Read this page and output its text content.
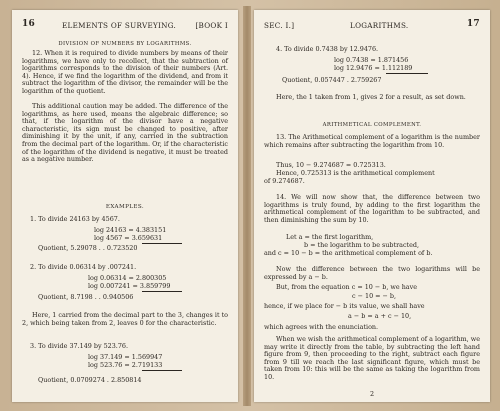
16	ELEMENTS OF SURVEYING.	[BOOK I
DIVISION OF NUMBERS BY LOGARITHMS.
12. When it is required to divide numbers by means of their logarithms, we have only to recollect, that the subtraction of logarithms corresponds to the division of their numbers (Art. 4). Hence, if we find the logarithm of the dividend, and from it subtract the logarithm of the divisor, the remainder will be the logarithm of the quotient.
This additional caution may be added. The difference of the logarithms, as here used, means the algebraic difference; so that, if the logarithm of the divisor have a negative characteristic, its sign must be changed to positive, after diminishing it by the unit, if any, carried in the subtraction from the decimal part of the logarithm. Or, if the characteristic of the logarithm of the dividend is negative, it must be treated as a negative number.
EXAMPLES.
1. To divide 24163 by 4567.
log 24163 = 4.383151
log 4567 = 3.659631
Quotient, 5.29078 . . 0.723520
2. To divide 0.06314 by .007241.
log 0.06314 = 2.800305
log 0.007241 = 3.859799
Quotient, 8.7198 . . 0.940506
Here, 1 carried from the decimal part to the 3, changes it to 2, which being taken from 2, leaves 0 for the characteristic.
3. To divide 37.149 by 523.76.
log 37.149 = 1.569947
log 523.76 = 2.719133
Quotient, 0.0709274 . 2.850814
SEC. I.]	LOGARITHMS.	17
4. To divide 0.7438 by 12.9476.
log 0.7438 = 1.871456
log 12.9476 = 1.112189
Quotient, 0.057447 . 2.759267
Here, the 1 taken from 1, gives 2 for a result, as set down.
ARITHMETICAL COMPLEMENT.
13. The Arithmetical complement of a logarithm is the number which remains after subtracting the logarithm from 10.
Thus, 10 − 9.274687 = 0.725313.
Hence, 0.725313 is the arithmetical complement
of 9.274687.
14. We will now show that, the difference between two logarithms is truly found, by adding to the first logarithm the arithmetical complement of the logarithm to be subtracted, and then diminishing the sum by 10.
Let a = the first logarithm,
b = the logarithm to be subtracted,
and c = 10 − b = the arithmetical complement of b.
Now the difference between the two logarithms will be expressed by a − b.
But, from the equation c = 10 − b, we have
c − 10 = − b,
hence, if we place for − b its value, we shall have
a − b = a + c − 10,
which agrees with the enunciation.
When we wish the arithmetical complement of a logarithm, we may write it directly from the table, by subtracting the left hand figure from 9, then proceeding to the right, subtract each figure from 9 till we reach the last significant figure, which must be taken from 10: this will be the same as taking the logarithm from 10.
2
